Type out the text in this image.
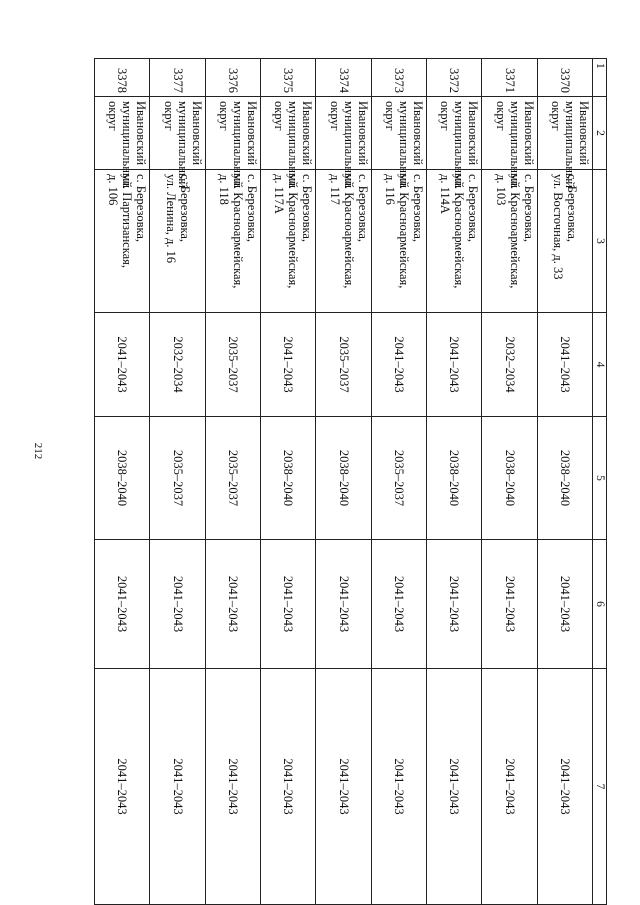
212
1	2	3	4	5	6	7
3370	Ивановский
муниципальный
округ	с. Березовка,
ул. Восточная, д. 33	2041–2043	2038–2040	2041–2043	2041–2043
3371	Ивановский
муниципальный
округ	с. Березовка,
ул. Красноармейская,
д. 103	2032–2034	2038–2040	2041–2043	2041–2043
3372	Ивановский
муниципальный
округ	с. Березовка,
ул. Красноармейская,
д. 114А	2041–2043	2038–2040	2041–2043	2041–2043
3373	Ивановский
муниципальный
округ	с. Березовка,
ул. Красноармейская,
д. 116	2041–2043	2035–2037	2041–2043	2041–2043
3374	Ивановский
муниципальный
округ	с. Березовка,
ул. Красноармейская,
д. 117	2035–2037	2038–2040	2041–2043	2041–2043
3375	Ивановский
муниципальный
округ	с. Березовка,
ул. Красноармейская,
д. 117А	2041–2043	2038–2040	2041–2043	2041–2043
3376	Ивановский
муниципальный
округ	с. Березовка,
ул. Красноармейская,
д. 118	2035–2037	2035–2037	2041–2043	2041–2043
3377	Ивановский
муниципальный
округ	с. Березовка,
ул. Ленина, д. 16	2032–2034	2035–2037	2041–2043	2041–2043
3378	Ивановский
муниципальный
округ	с. Березовка,
ул. Партизанская,
д. 106	2041–2043	2038–2040	2041–2043	2041–2043
